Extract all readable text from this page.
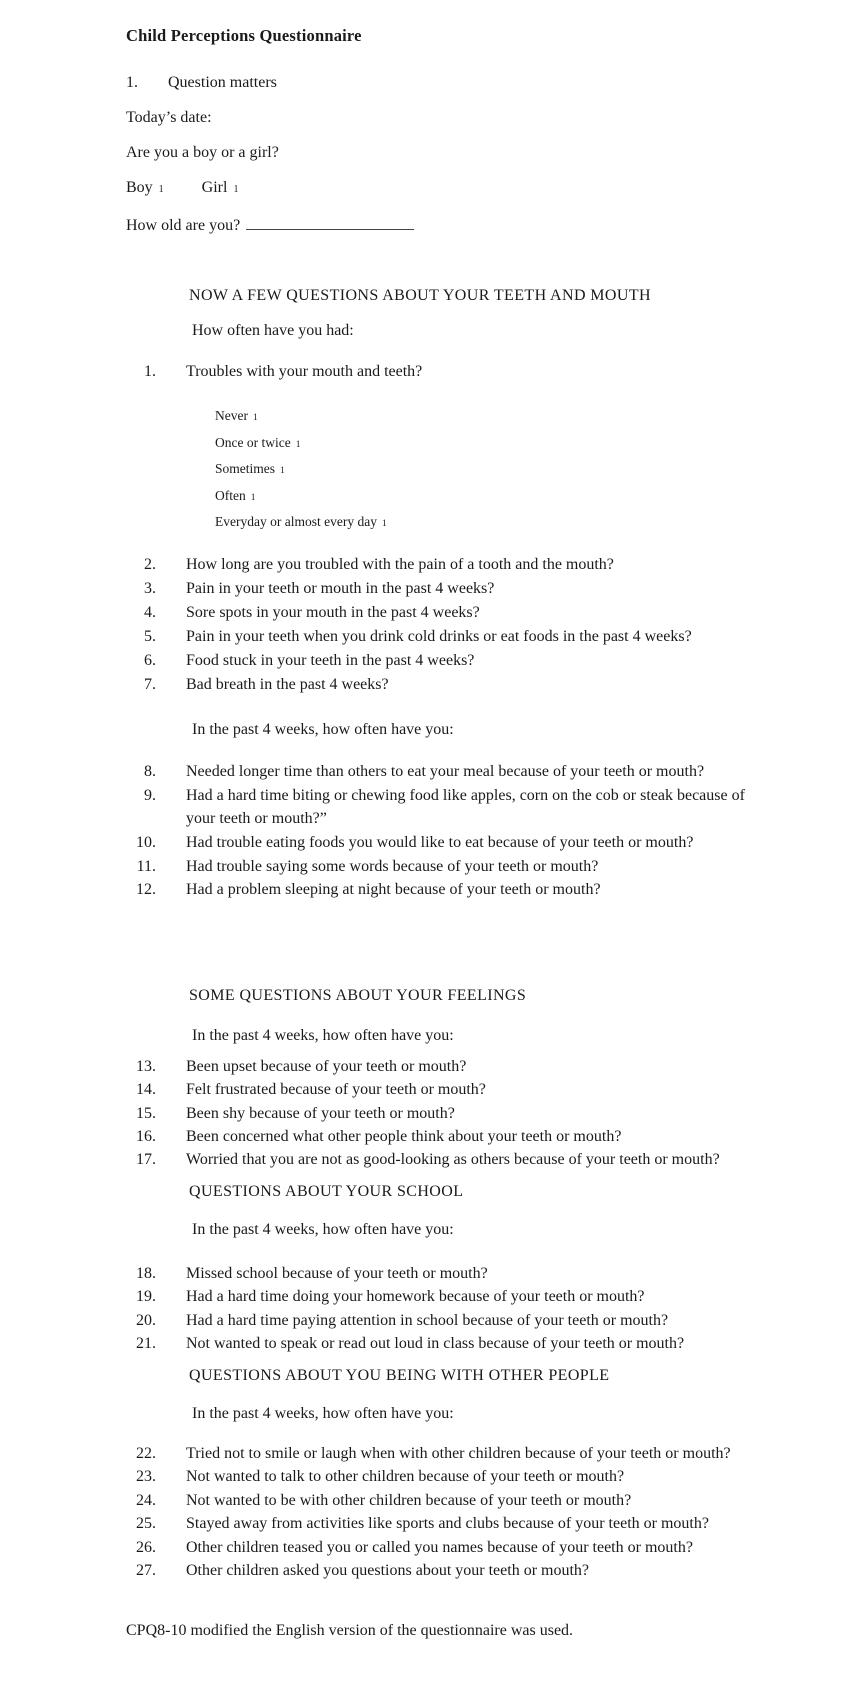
Child Perceptions Questionnaire
1. Question matters
Today’s date:
Are you a boy or a girl?
Boy 1 Girl 1
How old are you?
NOW A FEW QUESTIONS ABOUT YOUR TEETH AND MOUTH
How often have you had:
1.	Troubles with your mouth and teeth?
Never 1
Once or twice 1
Sometimes 1
Often 1
Everyday or almost every day 1
2.	How long are you troubled with the pain of a tooth and the mouth?
3.	Pain in your teeth or mouth in the past 4 weeks?
4.	Sore spots in your mouth in the past 4 weeks?
5.	Pain in your teeth when you drink cold drinks or eat foods in the past 4 weeks?
6.	Food stuck in your teeth in the past 4 weeks?
7.	Bad breath in the past 4 weeks?
In the past 4 weeks, how often have you:
8.	Needed longer time than others to eat your meal because of your teeth or mouth?
9.	Had a hard time biting or chewing food like apples, corn on the cob or steak because of your teeth or mouth?”
10.	Had trouble eating foods you would like to eat because of your teeth or mouth?
11.	Had trouble saying some words because of your teeth or mouth?
12.	Had a problem sleeping at night because of your teeth or mouth?
SOME QUESTIONS ABOUT YOUR FEELINGS
In the past 4 weeks, how often have you:
13.	Been upset because of your teeth or mouth?
14.	Felt frustrated because of your teeth or mouth?
15.	Been shy because of your teeth or mouth?
16.	Been concerned what other people think about your teeth or mouth?
17.	Worried that you are not as good-looking as others because of your teeth or mouth?
QUESTIONS ABOUT YOUR SCHOOL
In the past 4 weeks, how often have you:
18.	Missed school because of your teeth or mouth?
19.	Had a hard time doing your homework because of your teeth or mouth?
20.	Had a hard time paying attention in school because of your teeth or mouth?
21.	Not wanted to speak or read out loud in class because of your teeth or mouth?
QUESTIONS ABOUT YOU BEING WITH OTHER PEOPLE
In the past 4 weeks, how often have you:
22.	Tried not to smile or laugh when with other children because of your teeth or mouth?
23.	Not wanted to talk to other children because of your teeth or mouth?
24.	Not wanted to be with other children because of your teeth or mouth?
25.	Stayed away from activities like sports and clubs because of your teeth or mouth?
26.	Other children teased you or called you names because of your teeth or mouth?
27.	Other children asked you questions about your teeth or mouth?
CPQ8-10 modified the English version of the questionnaire was used.
